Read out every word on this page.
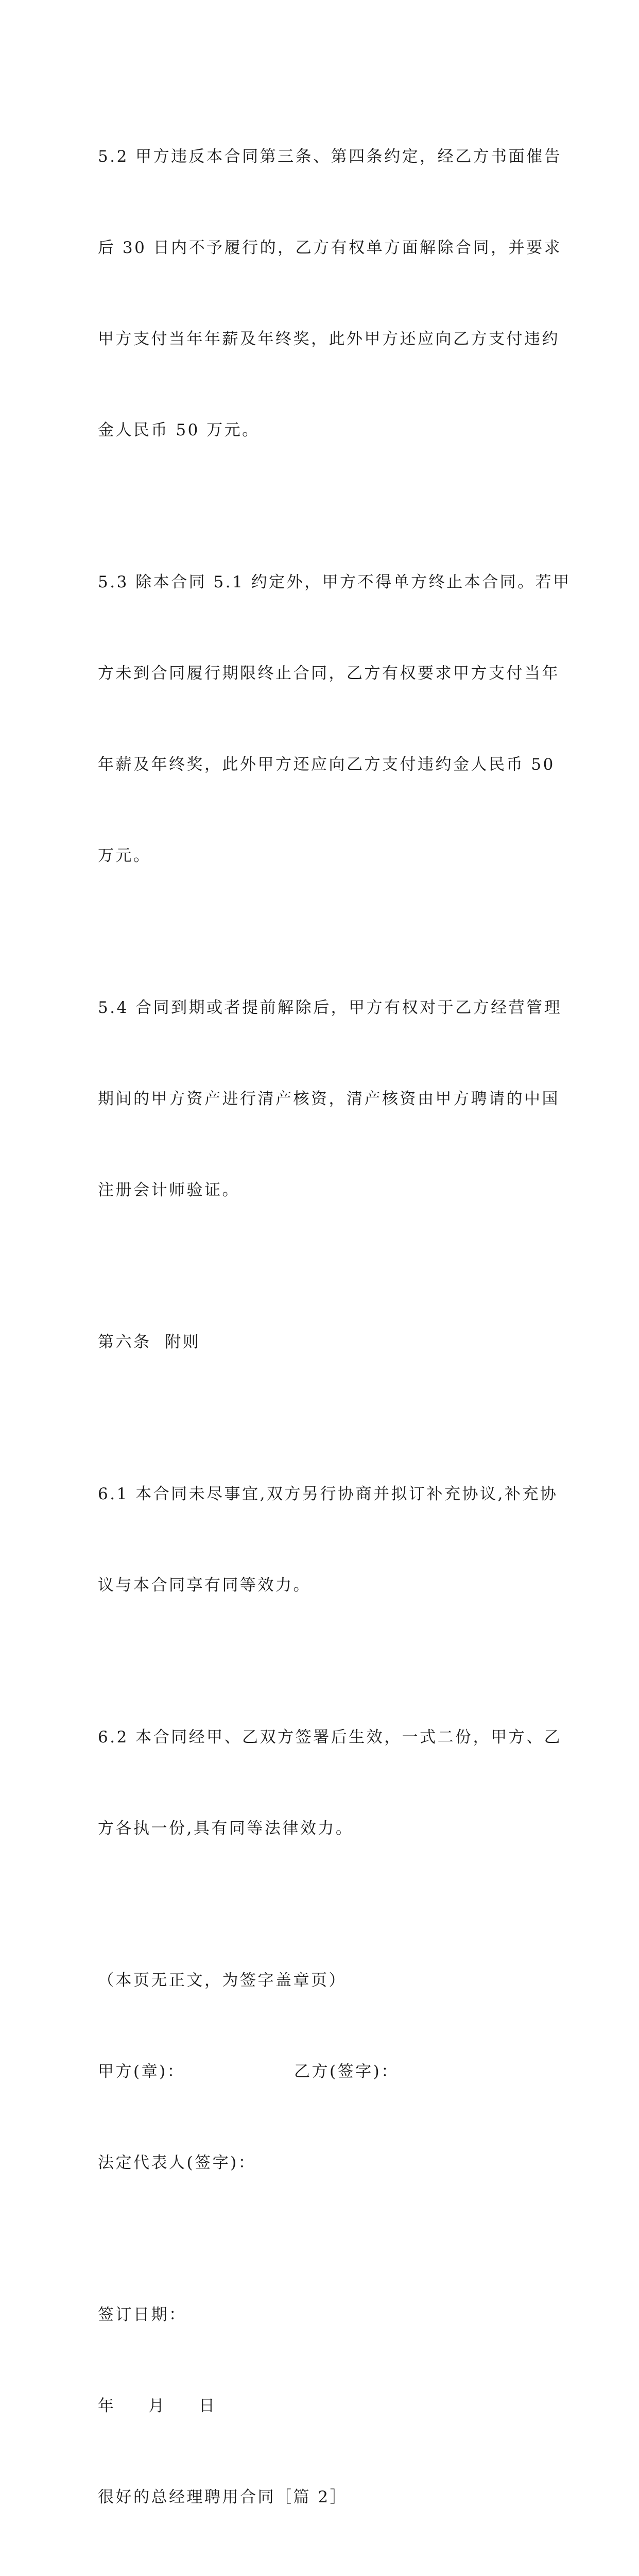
5.2 甲方违反本合同第三条、第四条约定，经乙方书面催告

后 30 日内不予履行的，乙方有权单方面解除合同，并要求

甲方支付当年年薪及年终奖，此外甲方还应向乙方支付违约

金人民币 50 万元。

5.3 除本合同 5.1 约定外，甲方不得单方终止本合同。若甲

方未到合同履行期限终止合同，乙方有权要求甲方支付当年

年薪及年终奖，此外甲方还应向乙方支付违约金人民币 50

万元。

5.4 合同到期或者提前解除后，甲方有权对于乙方经营管理

期间的甲方资产进行清产核资，清产核资由甲方聘请的中国

注册会计师验证。

第六条  附则

6.1 本合同未尽事宜,双方另行协商并拟订补充协议,补充协

议与本合同享有同等效力。

6.2 本合同经甲、乙双方签署后生效，一式二份，甲方、乙

方各执一份,具有同等法律效力。

（本页无正文，为签字盖章页）

甲方(章)：	乙方(签字)：

法定代表人(签字)：

签订日期：

年	月	日

很好的总经理聘用合同［篇 2］
